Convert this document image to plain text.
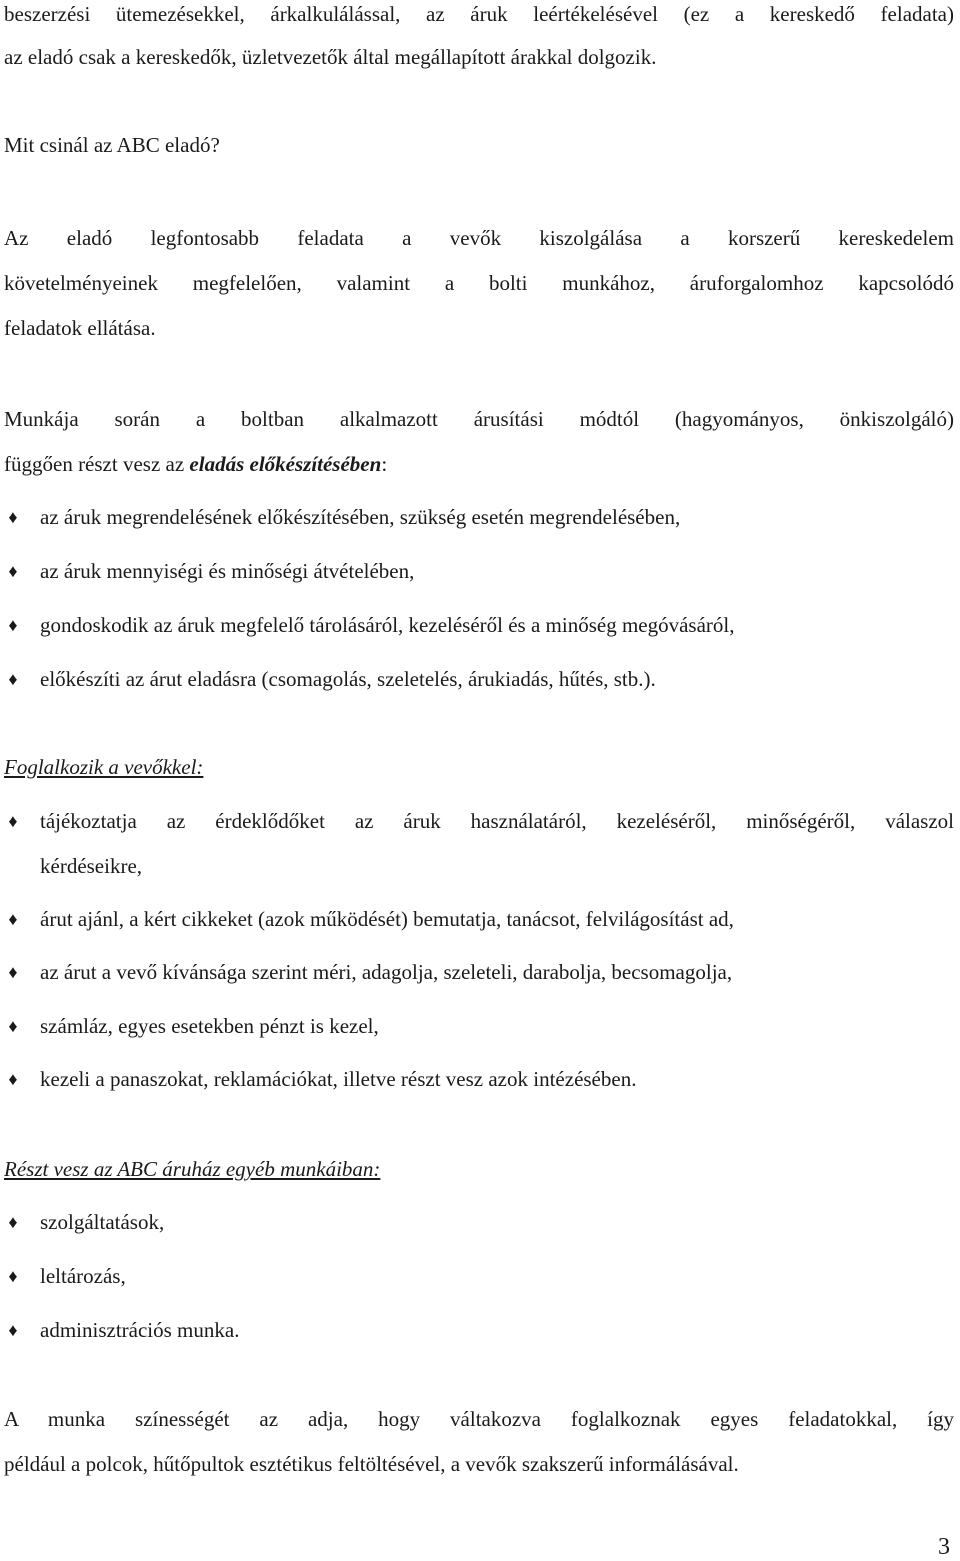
beszerzési ütemezésekkel, árkalkulálással, az áruk leértékelésével (ez a kereskedő feladata)
az eladó csak a kereskedők, üzletvezetők által megállapított árakkal dolgozik.
Mit csinál az ABC eladó?
Az eladó legfontosabb feladata a vevők kiszolgálása a korszerű kereskedelem
követelményeinek megfelelően, valamint a bolti munkához, áruforgalomhoz kapcsolódó
feladatok ellátása.
Munkája során a boltban alkalmazott árusítási módtól (hagyományos, önkiszolgáló)
függően részt vesz az eladás előkészítésében:
♦ az áruk megrendelésének előkészítésében, szükség esetén megrendelésében,
♦ az áruk mennyiségi és minőségi átvételében,
♦ gondoskodik az áruk megfelelő tárolásáról, kezeléséről és a minőség megóvásáról,
♦ előkészíti az árut eladásra (csomagolás, szeletelés, árukiadás, hűtés, stb.).
Foglalkozik a vevőkkel:
♦ tájékoztatja az érdeklődőket az áruk használatáról, kezeléséről, minőségéről, válaszol
kérdéseikre,
♦ árut ajánl, a kért cikkeket (azok működését) bemutatja, tanácsot, felvilágosítást ad,
♦ az árut a vevő kívánsága szerint méri, adagolja, szeleteli, darabolja, becsomagolja,
♦ számláz, egyes esetekben pénzt is kezel,
♦ kezeli a panaszokat, reklamációkat, illetve részt vesz azok intézésében.
Részt vesz az ABC áruház egyéb munkáiban:
♦ szolgáltatások,
♦ leltározás,
♦ adminisztrációs munka.
A munka színességét az adja, hogy váltakozva foglalkoznak egyes feladatokkal, így
például a polcok, hűtőpultok esztétikus feltöltésével, a vevők szakszerű informálásával.
3
